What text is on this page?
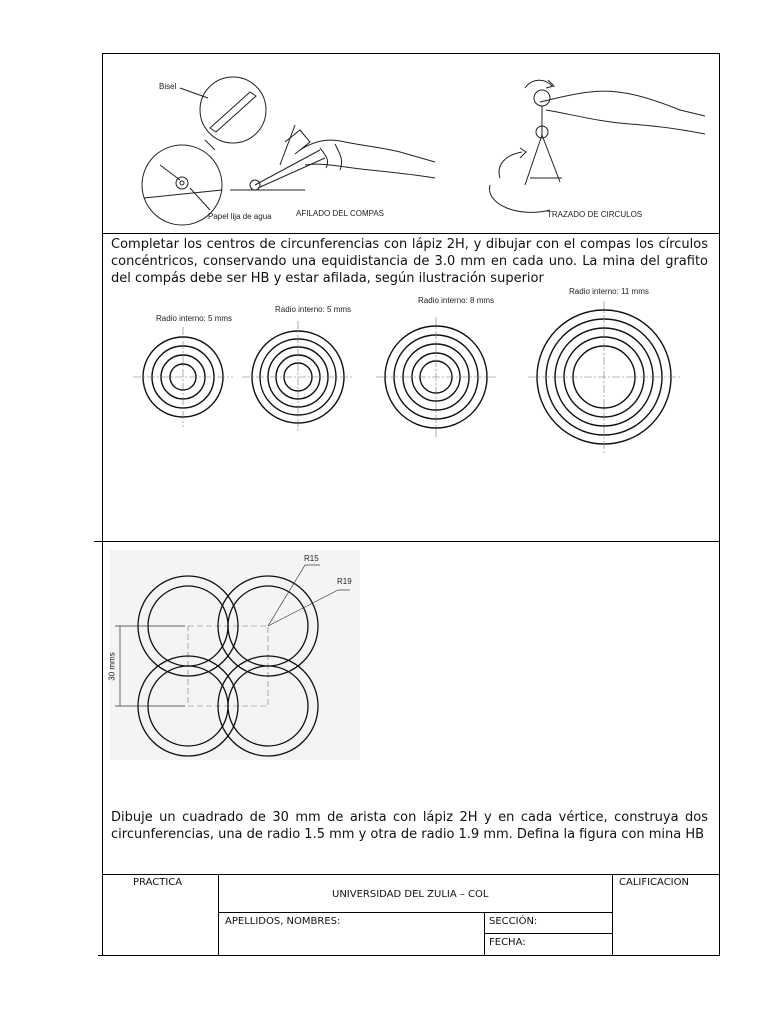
Bisel
Papel lija de agua	AFILADO DEL COMPAS	TRAZADO DE CIRCULOS
Completar los centros de circunferencias con lápiz 2H, y dibujar con el compas los círculos concéntricos, conservando una equidistancia de 3.0 mm en cada uno. La mina del grafito del compás debe ser HB y estar afilada, según ilustración superior
Radio interno: 5 mms
Radio interno: 5 mms
Radio interno: 8 mms
Radio interno: 11 mms
R15
R19
30 mms
Dibuje un cuadrado de 30 mm de arista con lápiz 2H y en cada vértice, construya dos circunferencias, una de radio 1.5 mm y otra de radio 1.9 mm. Defina la figura con mina HB
PRACTICA
UNIVERSIDAD DEL ZULIA – COL
CALIFICACION
APELLIDOS, NOMBRES:	SECCIÓN:
FECHA:
